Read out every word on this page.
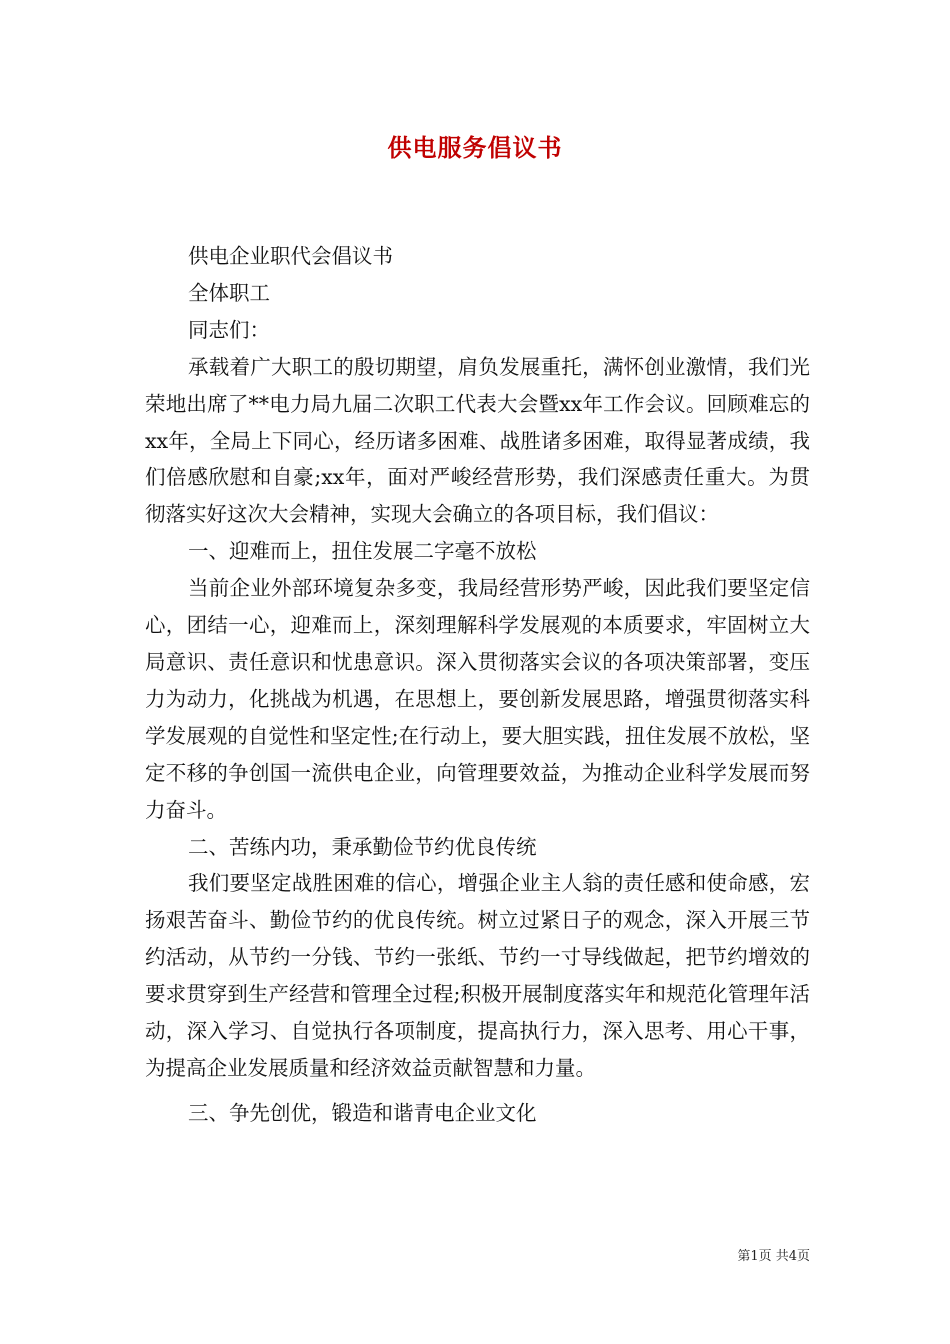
供电服务倡议书

供电企业职代会倡议书

全体职工

同志们：

承载着广大职工的殷切期望，肩负发展重托，满怀创业激情，我们光荣地出席了**电力局九届二次职工代表大会暨xx年工作会议。回顾难忘的xx年，全局上下同心，经历诸多困难、战胜诸多困难，取得显著成绩，我们倍感欣慰和自豪;xx年，面对严峻经营形势，我们深感责任重大。为贯彻落实好这次大会精神，实现大会确立的各项目标，我们倡议：

一、迎难而上，扭住发展二字毫不放松

当前企业外部环境复杂多变，我局经营形势严峻，因此我们要坚定信心，团结一心，迎难而上，深刻理解科学发展观的本质要求，牢固树立大局意识、责任意识和忧患意识。深入贯彻落实会议的各项决策部署，变压力为动力，化挑战为机遇，在思想上，要创新发展思路，增强贯彻落实科学发展观的自觉性和坚定性;在行动上，要大胆实践，扭住发展不放松，坚定不移的争创国一流供电企业，向管理要效益，为推动企业科学发展而努力奋斗。

二、苦练内功，秉承勤俭节约优良传统

我们要坚定战胜困难的信心，增强企业主人翁的责任感和使命感，宏扬艰苦奋斗、勤俭节约的优良传统。树立过紧日子的观念，深入开展三节约活动，从节约一分钱、节约一张纸、节约一寸导线做起，把节约增效的要求贯穿到生产经营和管理全过程;积极开展制度落实年和规范化管理年活动，深入学习、自觉执行各项制度，提高执行力，深入思考、用心干事，为提高企业发展质量和经济效益贡献智慧和力量。

三、争先创优，锻造和谐青电企业文化

第1页 共4页
